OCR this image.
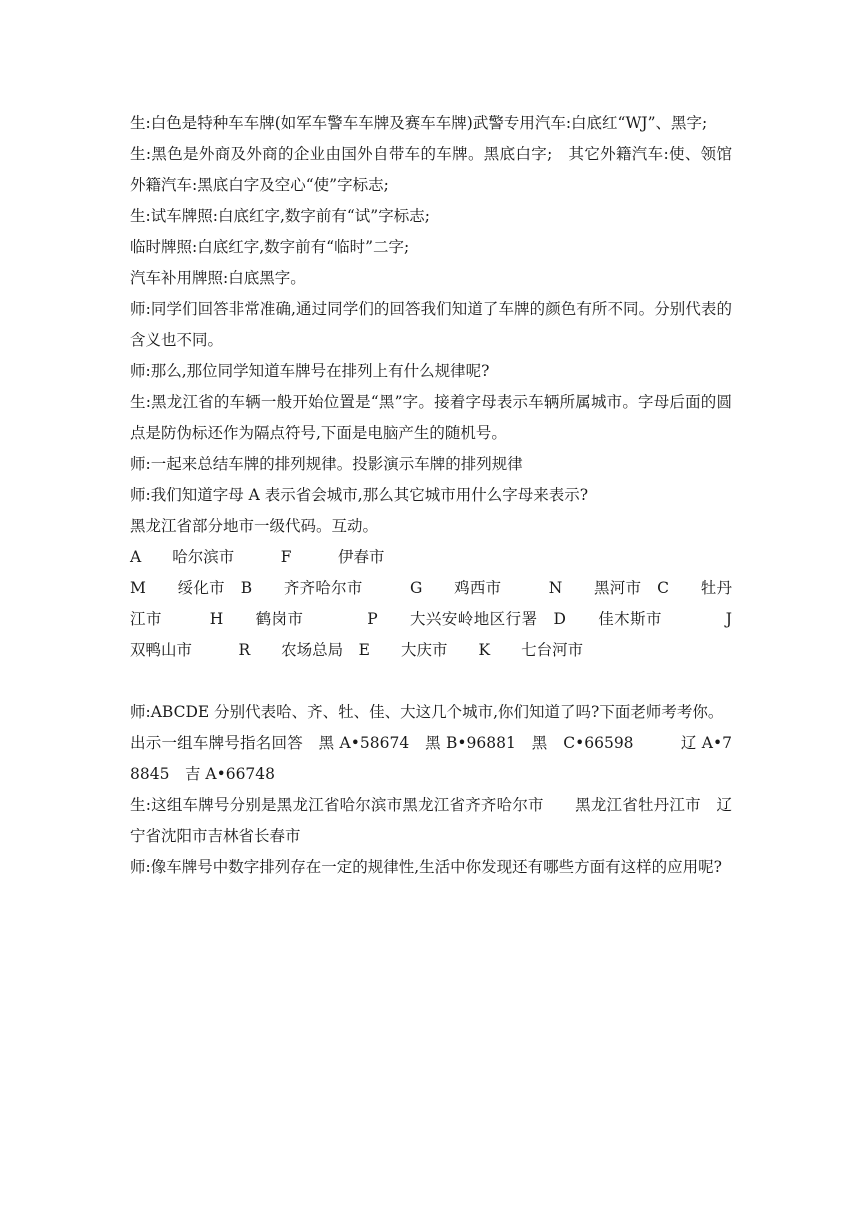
生:白色是特种车车牌(如军车警车车牌及赛车车牌)武警专用汽车:白底红“WJ”、黑字;

生:黑色是外商及外商的企业由国外自带车的车牌。黑底白字;　其它外籍汽车:使、领馆外籍汽车:黑底白字及空心“使”字标志;

生:试车牌照:白底红字,数字前有“试”字标志;

临时牌照:白底红字,数字前有“临时”二字;

汽车补用牌照:白底黑字。

师:同学们回答非常准确,通过同学们的回答我们知道了车牌的颜色有所不同。分别代表的含义也不同。

师:那么,那位同学知道车牌号在排列上有什么规律呢?

生:黑龙江省的车辆一般开始位置是“黑”字。接着字母表示车辆所属城市。字母后面的圆点是防伪标还作为隔点符号,下面是电脑产生的随机号。

师:一起来总结车牌的排列规律。投影演示车牌的排列规律

师:我们知道字母 A 表示省会城市,那么其它城市用什么字母来表示?

黑龙江省部分地市一级代码。互动。

A　　哈尔滨市　　　F　　　伊春市

M　　绥化市　B　　齐齐哈尔市　　　G　　鸡西市　　　N　　黑河市　C　　牡丹江市　　　H　　鹤岗市　　　　P　　大兴安岭地区行署　D　　佳木斯市　　　　J　　双鸭山市　　　R　　农场总局　E　　大庆市　　K　　七台河市

师:ABCDE 分别代表哈、齐、牡、佳、大这几个城市,你们知道了吗?下面老师考考你。

出示一组车牌号指名回答　黑 A•58674　黑 B•96881　黑　C•66598　　　辽 A•78845　吉 A•66748

生:这组车牌号分别是黑龙江省哈尔滨市黑龙江省齐齐哈尔市　　黑龙江省牡丹江市　辽宁省沈阳市吉林省长春市

师:像车牌号中数字排列存在一定的规律性,生活中你发现还有哪些方面有这样的应用呢?
